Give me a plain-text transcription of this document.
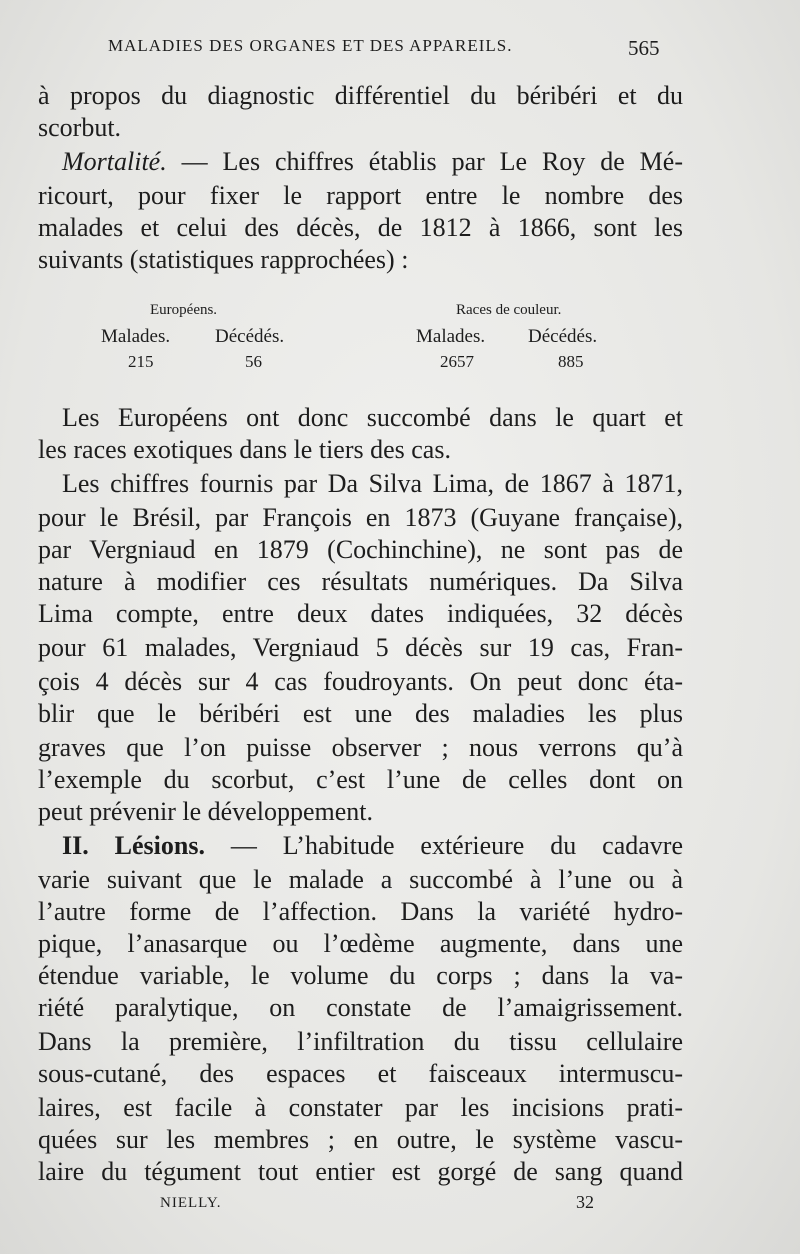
MALADIES DES ORGANES ET DES APPAREILS.	565
à propos du diagnostic différentiel du béribéri et du
scorbut.
Mortalité. — Les chiffres établis par Le Roy de Mé-
ricourt, pour fixer le rapport entre le nombre des
malades et celui des décès, de 1812 à 1866, sont les
suivants (statistiques rapprochées) :
Européens.
Malades. Décédés.
215	56
Races de couleur.
Malades. Décédés.
2657	885
Les Européens ont donc succombé dans le quart et
les races exotiques dans le tiers des cas.
Les chiffres fournis par Da Silva Lima, de 1867 à 1871,
pour le Brésil, par François en 1873 (Guyane française),
par Vergniaud en 1879 (Cochinchine), ne sont pas de
nature à modifier ces résultats numériques. Da Silva
Lima compte, entre deux dates indiquées, 32 décès
pour 61 malades, Vergniaud 5 décès sur 19 cas, Fran-
çois 4 décès sur 4 cas foudroyants. On peut donc éta-
blir que le béribéri est une des maladies les plus
graves que l’on puisse observer ; nous verrons qu’à
l’exemple du scorbut, c’est l’une de celles dont on
peut prévenir le développement.
II. Lésions. — L’habitude extérieure du cadavre
varie suivant que le malade a succombé à l’une ou à
l’autre forme de l’affection. Dans la variété hydro-
pique, l’anasarque ou l’œdème augmente, dans une
étendue variable, le volume du corps ; dans la va-
riété paralytique, on constate de l’amaigrissement.
Dans la première, l’infiltration du tissu cellulaire
sous-cutané, des espaces et faisceaux intermuscu-
laires, est facile à constater par les incisions prati-
quées sur les membres ; en outre, le système vascu-
laire du tégument tout entier est gorgé de sang quand
NIELLY.	32
